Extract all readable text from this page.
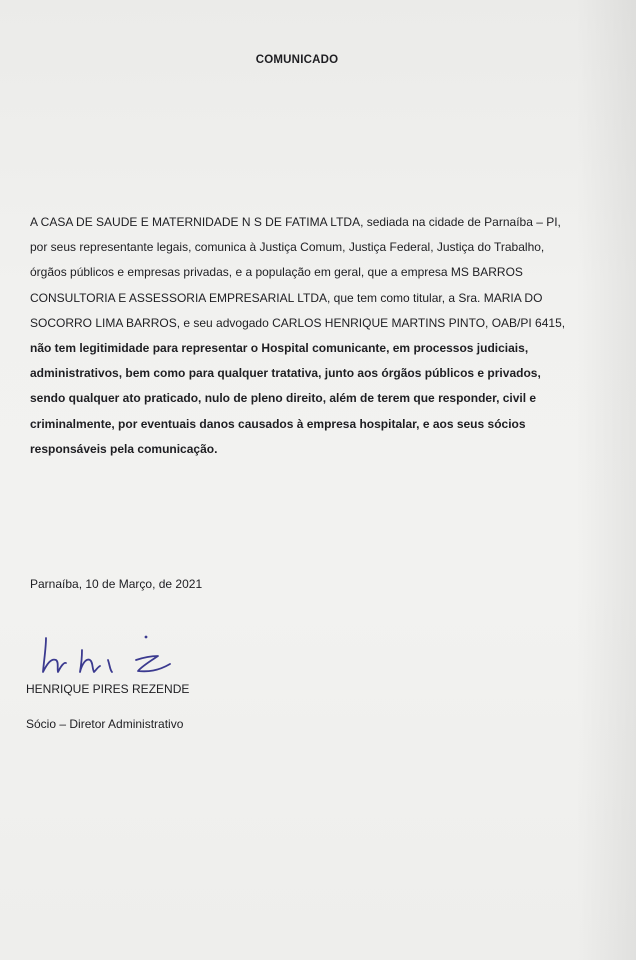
COMUNICADO
A CASA DE SAUDE E MATERNIDADE N S DE FATIMA LTDA, sediada na cidade de Parnaíba – PI,
por seus representante legais, comunica à Justiça Comum, Justiça Federal, Justiça do Trabalho,
órgãos públicos e empresas privadas, e a população em geral, que a empresa MS BARROS
CONSULTORIA E ASSESSORIA EMPRESARIAL LTDA, que tem como titular, a Sra. MARIA DO
SOCORRO LIMA BARROS, e seu advogado CARLOS HENRIQUE MARTINS PINTO, OAB/PI 6415,
não tem legitimidade para representar o Hospital comunicante, em processos judiciais,
administrativos, bem como para qualquer tratativa, junto aos órgãos públicos e privados,
sendo qualquer ato praticado, nulo de pleno direito, além de terem que responder, civil e
criminalmente, por eventuais danos causados à empresa hospitalar, e aos seus sócios
responsáveis pela comunicação.
Parnaíba, 10 de Março, de 2021
HENRIQUE PIRES REZENDE
Sócio – Diretor Administrativo
